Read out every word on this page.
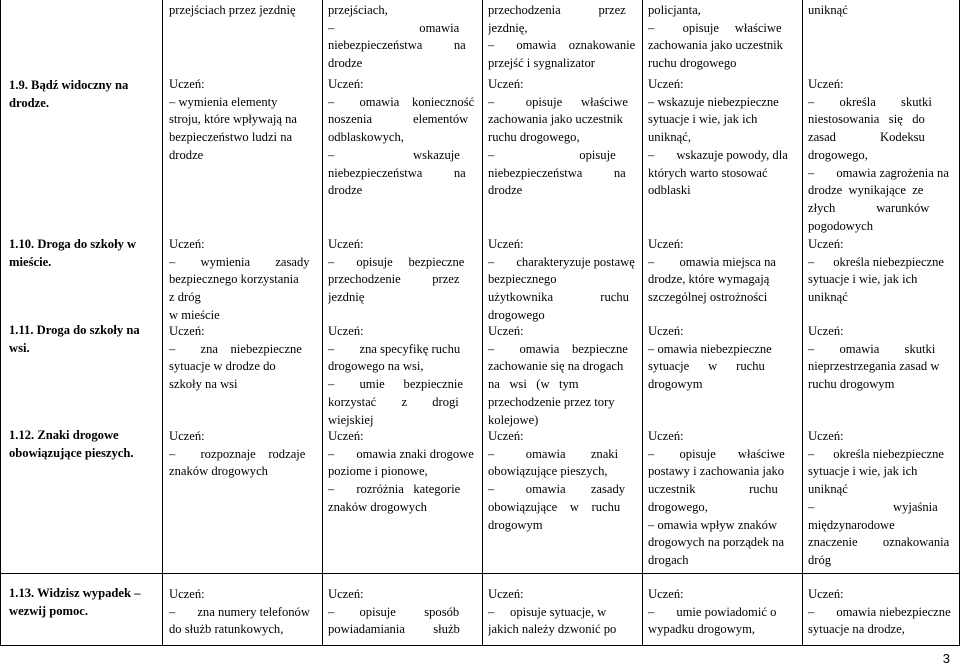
1.9. Bądź widoczny na
drodze.

1.10. Droga do szkoły w
mieście.

1.11. Droga do szkoły na
wsi.

1.12. Znaki drogowe
obowiązujące pieszych.

1.13. Widzisz wypadek –
wezwij pomoc.

przejściach przez jezdnię
Uczeń:
– wymienia elementy
stroju, które wpływają na
bezpieczeństwo ludzi na
drodze
Uczeń:
–        wymienia        zasady
bezpiecznego korzystania
z dróg
w mieście
Uczeń:
–        zna    niebezpieczne
sytuacje w drodze do
szkoły na wsi
Uczeń:
–        rozpoznaje    rodzaje
znaków drogowych
Uczeń:
–       zna numery telefonów
do służb ratunkowych,
przejściach,
–                           omawia
niebezpieczeństwa          na
drodze
Uczeń:
–        omawia    konieczność
noszenia             elementów
odblaskowych,
–                         wskazuje
niebezpieczeństwa          na
drodze
Uczeń:
–       opisuje     bezpieczne
przechodzenie          przez
jezdnię
Uczeń:
–        zna specyfikę ruchu
drogowego na wsi,
–        umie      bezpiecznie
korzystać        z        drogi
wiejskiej
Uczeń:
–       omawia znaki drogowe
poziome i pionowe,
–       rozróżnia   kategorie
znaków drogowych
Uczeń:
–        opisuje         sposób
powiadamiania         służb
przechodzenia            przez
jezdnię,
–       omawia    oznakowanie
przejść i sygnalizator
Uczeń:
–          opisuje      właściwe
zachowania jako uczestnik
ruchu drogowego,
–                           opisuje
niebezpieczeństwa          na
drodze
Uczeń:
–       charakteryzuje postawę
bezpiecznego
użytkownika               ruchu
drogowego
Uczeń:
–        omawia    bezpieczne
zachowanie się na drogach
na   wsi   (w   tym
przechodzenie przez tory
kolejowe)
Uczeń:
–          omawia        znaki
obowiązujące pieszych,
–          omawia        zasady
obowiązujące    w    ruchu
drogowym
Uczeń:
–     opisuje sytuacje, w
jakich należy dzwonić po
policjanta,
–         opisuje     właściwe
zachowania jako uczestnik
ruchu drogowego
Uczeń:
– wskazuje niebezpieczne
sytuacje i wie, jak ich
uniknąć,
–       wskazuje powody, dla
których warto stosować
odblaski
Uczeń:
–        omawia miejsca na
drodze, które wymagają
szczególnej ostrożności
Uczeń:
– omawia niebezpieczne
sytuacje      w      ruchu
drogowym
Uczeń:
–        opisuje       właściwe
postawy i zachowania jako
uczestnik                 ruchu
drogowego,
– omawia wpływ znaków
drogowych na porządek na
drogach
Uczeń:
–       umie powiadomić o
wypadku drogowym,
uniknąć
Uczeń:
–        określa        skutki
niestosowania   się   do
zasad              Kodeksu
drogowego,
–       omawia zagrożenia na
drodze  wynikające  ze
złych             warunków
pogodowych
Uczeń:
–      określa niebezpieczne
sytuacje i wie, jak ich
uniknąć
Uczeń:
–        omawia        skutki
nieprzestrzegania zasad w
ruchu drogowym
Uczeń:
–      określa niebezpieczne
sytuacje i wie, jak ich
uniknąć
–                         wyjaśnia
międzynarodowe
znaczenie        oznakowania
dróg
Uczeń:
–       omawia niebezpieczne
sytuacje na drodze,
3
